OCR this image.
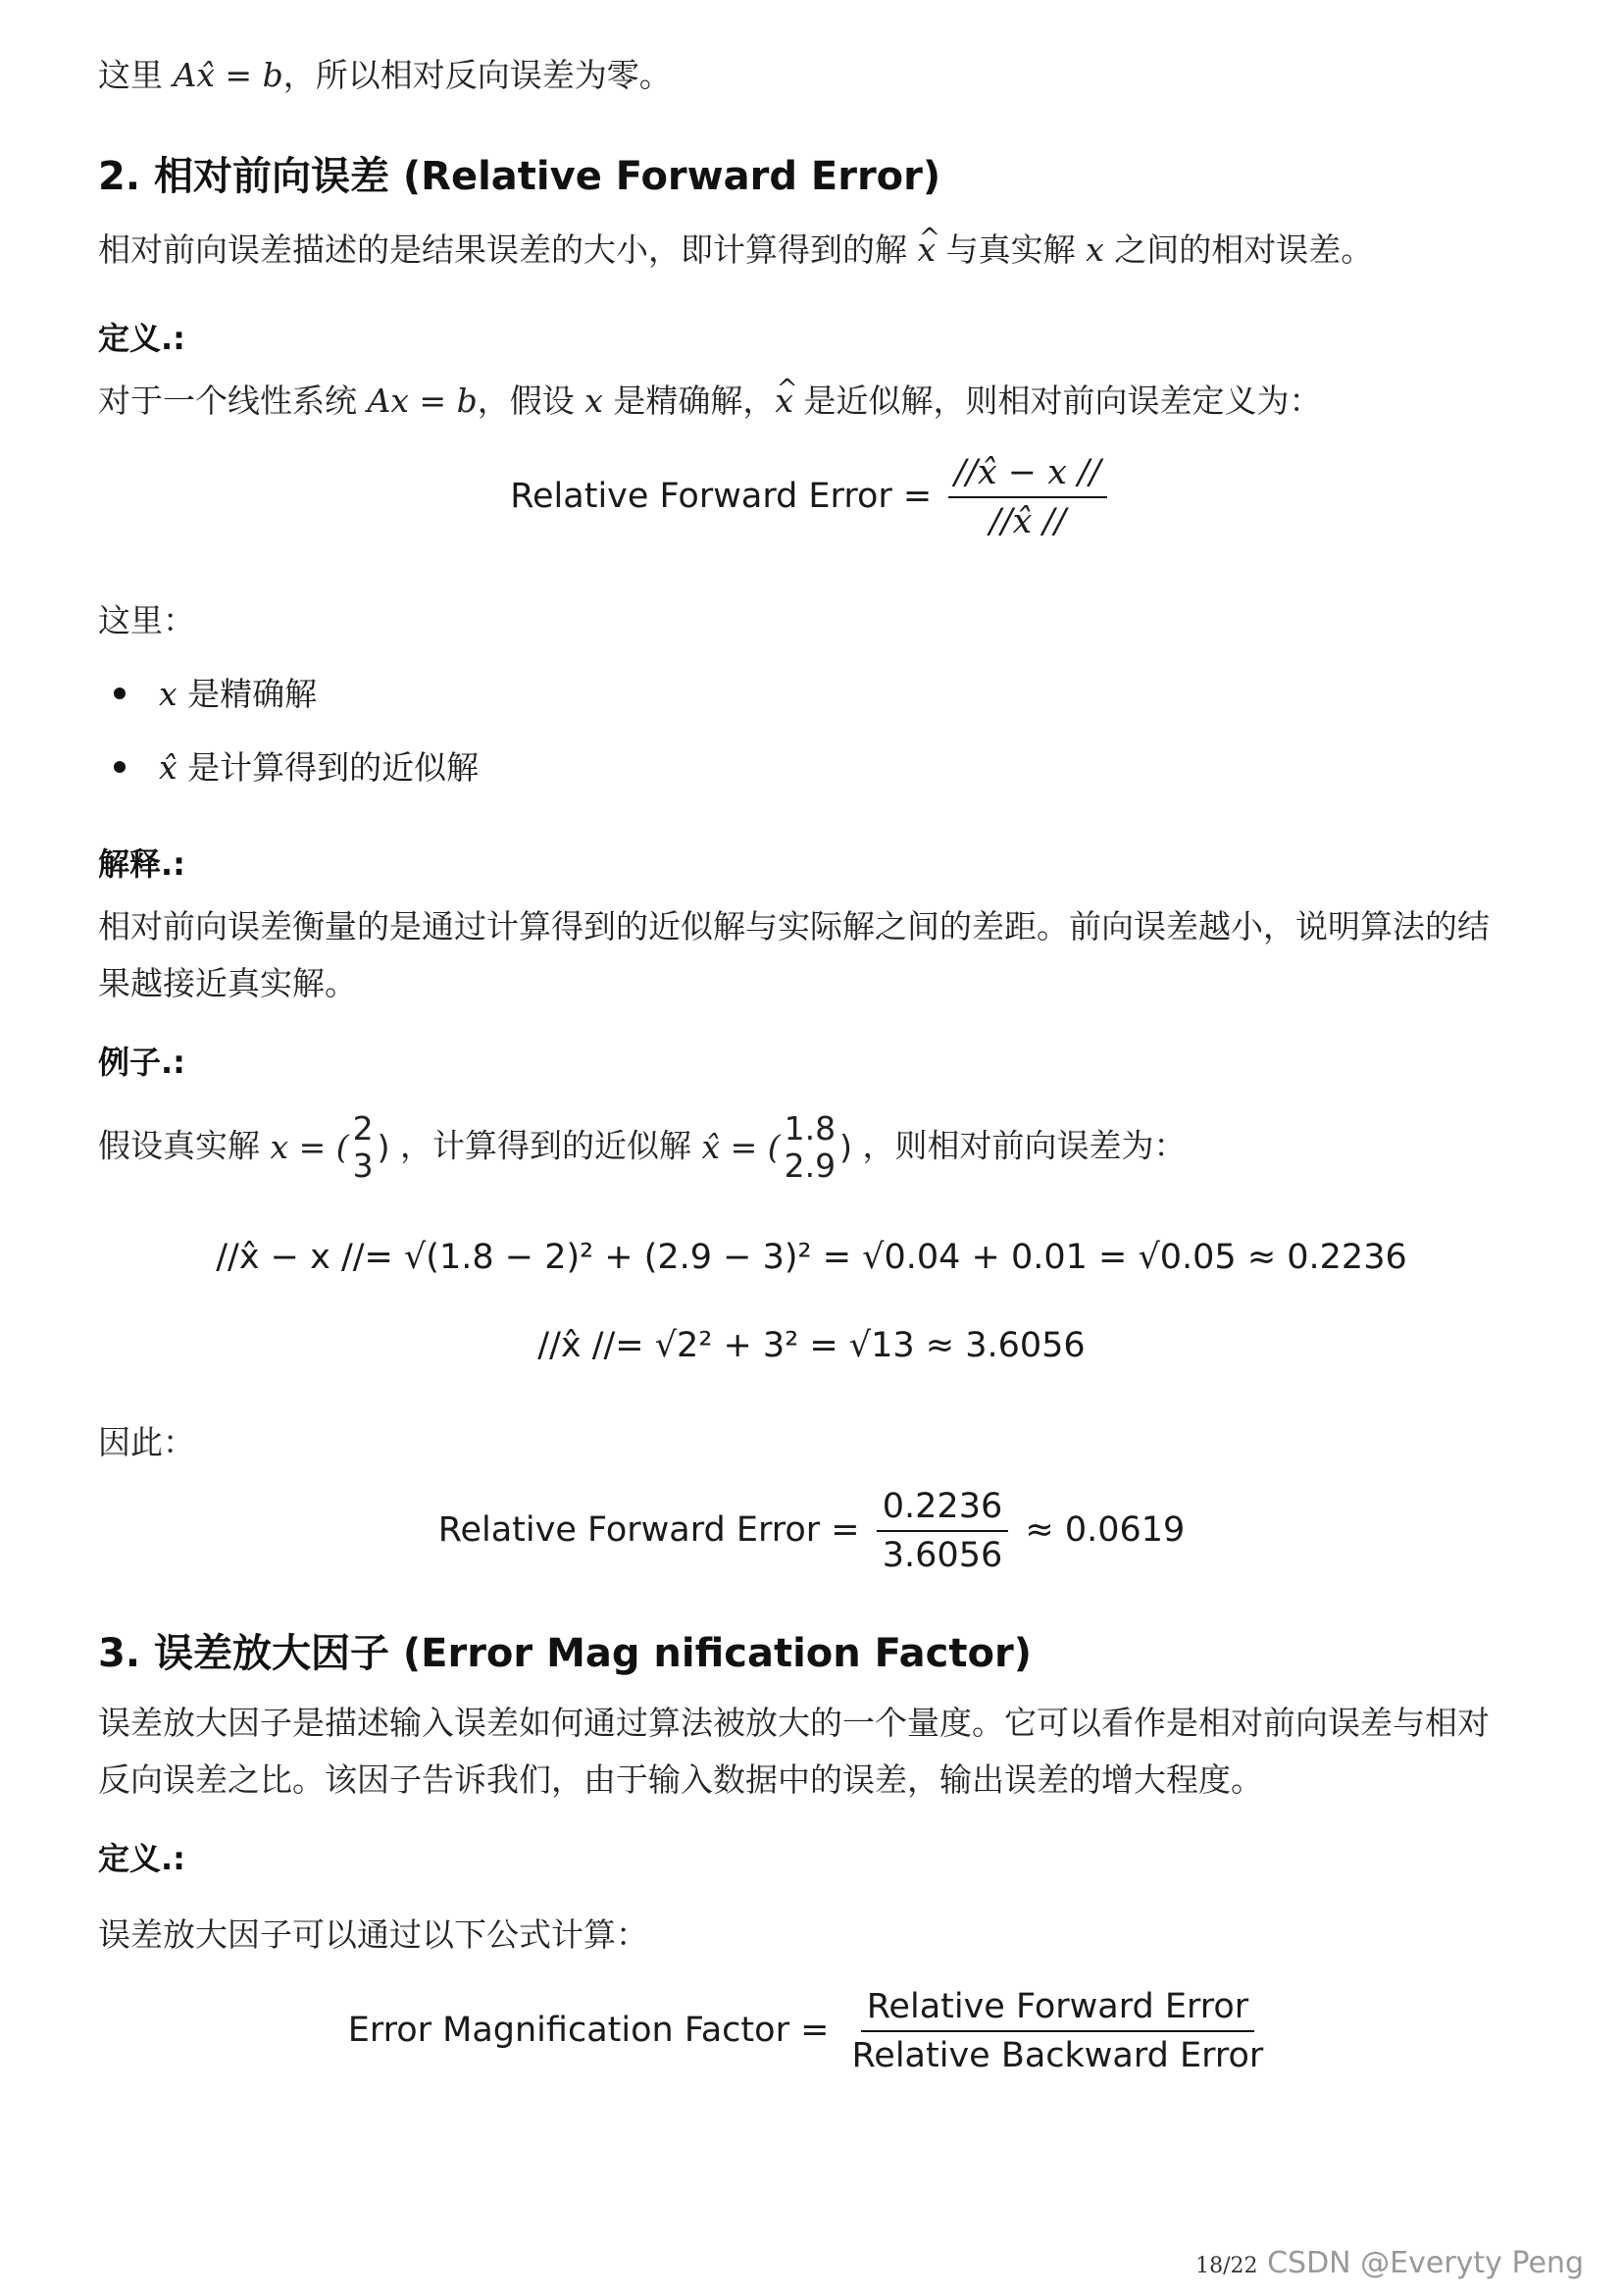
这里 Ax̂ = b，所以相对反向误差为零。
2. 相对前向误差 (Relative Forward Error)
相对前向误差描述的是结果误差的大小，即计算得到的解 ^ x 与真实解 x 之间的相对误差。
定义.:
对于一个线性系统 Ax = b，假设 x 是精确解，^ x 是近似解，则相对前向误差定义为：
Relative Forward Error = $\frac{//x̂ - x //}{//x̂ //}$
这里：
x 是精确解
x̂ 是计算得到的近似解
解释.:
相对前向误差衡量的是通过计算得到的近似解与实际解之间的差距。前向误差越小，说明算法的结果越接近真实解。
例子.:
假设真实解 x = ( 2
3 ) ，计算得到的近似解 x̂ = ( 1.8
2.9 ) ，则相对前向误差为：
//x̂ − x //= √(1.8 − 2)² + (2.9 − 3)² = √0.04 + 0.01 = √0.05 ≈ 0.2236
//x̂ //= √2² + 3² = √13 ≈ 3.6056
因此：
Relative Forward Error = $\frac{0.2236}{3.6056} \approx 0.0619$
3. 误差放大因子 (Error Mag nification Factor)
误差放大因子是描述输入误差如何通过算法被放大的一个量度。它可以看作是相对前向误差与相对反向误差之比。该因子告诉我们，由于输入数据中的误差，输出误差的增大程度。
定义.:
误差放大因子可以通过以下公式计算：
Error Magnification Factor = $\frac{\text{Relative Forward Error}}{\text{Relative Backward Error}}$
18/22 CSDN @Everyty Peng
